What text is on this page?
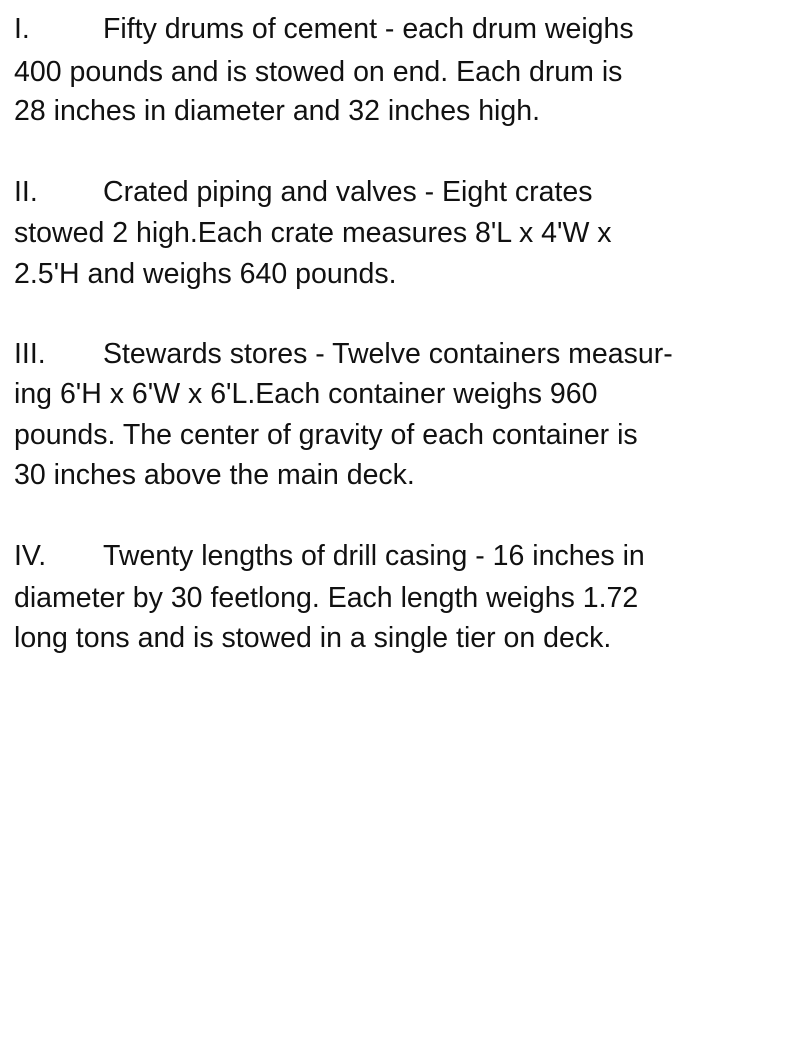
I.	Fifty drums of cement - each drum weighs
400 pounds and is stowed on end. Each drum is
28 inches in diameter and 32 inches high.
II. Crated piping and valves - Eight crates
stowed 2 high.Each crate measures 8'L x 4'W x
2.5'H and weighs 640 pounds.
III. Stewards stores - Twelve containers measur-
ing 6'H x 6'W x 6'L.Each container weighs 960
pounds. The center of gravity of each container is
30 inches above the main deck.
IV. Twenty lengths of drill casing - 16 inches in
diameter by 30 feetlong. Each length weighs 1.72
long tons and is stowed in a single tier on deck.
